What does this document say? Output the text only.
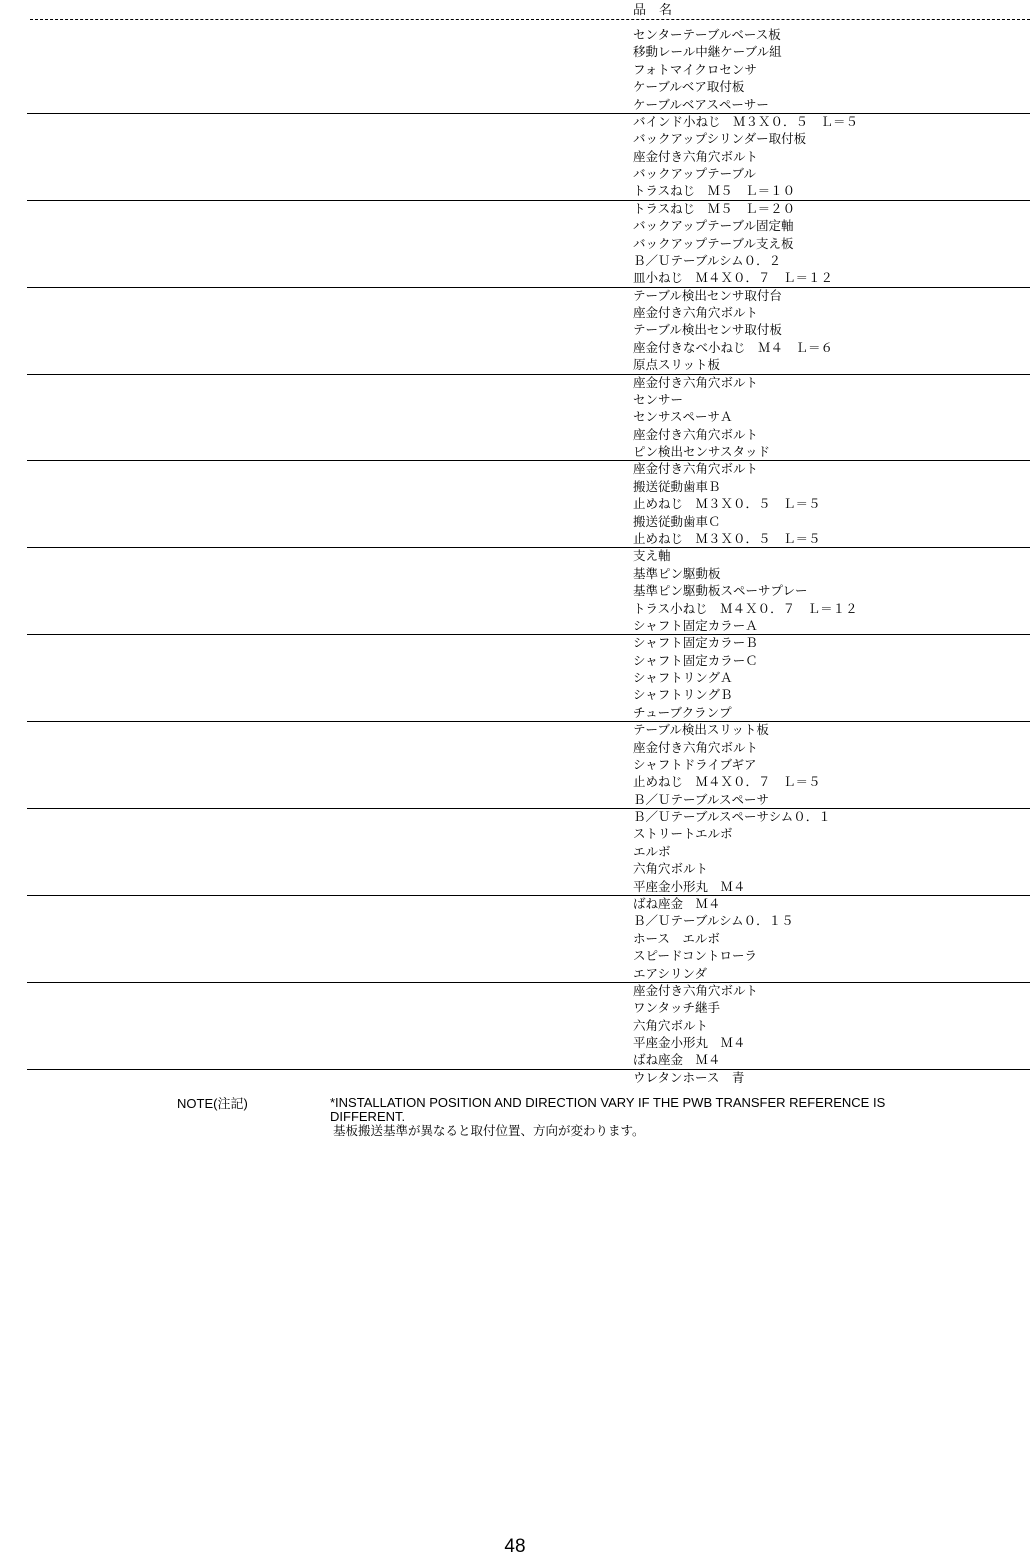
品　名
センターテーブルベース板
移動レール中継ケーブル組
フォトマイクロセンサ
ケーブルベア取付板
ケーブルベアスペーサー
バインド小ねじ　Ｍ３Ｘ０．５　Ｌ＝５
バックアップシリンダー取付板
座金付き六角穴ボルト
バックアップテーブル
トラスねじ　Ｍ５　Ｌ＝１０
トラスねじ　Ｍ５　Ｌ＝２０
バックアップテーブル固定軸
バックアップテーブル支え板
Ｂ／Ｕテーブルシム０．２
皿小ねじ　Ｍ４Ｘ０．７　Ｌ＝１２
テーブル検出センサ取付台
座金付き六角穴ボルト
テーブル検出センサ取付板
座金付きなべ小ねじ　Ｍ４　Ｌ＝６
原点スリット板
座金付き六角穴ボルト
センサー
センサスペーサＡ
座金付き六角穴ボルト
ピン検出センサスタッド
座金付き六角穴ボルト
搬送従動歯車Ｂ
止めねじ　Ｍ３Ｘ０．５　Ｌ＝５
搬送従動歯車Ｃ
止めねじ　Ｍ３Ｘ０．５　Ｌ＝５
支え軸
基準ピン駆動板
基準ピン駆動板スペーサプレー
トラス小ねじ　Ｍ４Ｘ０．７　Ｌ＝１２
シャフト固定カラーＡ
シャフト固定カラーＢ
シャフト固定カラーＣ
シャフトリングＡ
シャフトリングＢ
チューブクランプ
テーブル検出スリット板
座金付き六角穴ボルト
シャフトドライブギア
止めねじ　Ｍ４Ｘ０．７　Ｌ＝５
Ｂ／Ｕテーブルスペーサ
Ｂ／Ｕテーブルスペーサシム０．１
ストリートエルボ
エルボ
六角穴ボルト
平座金小形丸　Ｍ４
ばね座金　Ｍ４
Ｂ／Ｕテーブルシム０．１５
ホース　エルボ
スピードコントローラ
エアシリンダ
座金付き六角穴ボルト
ワンタッチ継手
六角穴ボルト
平座金小形丸　Ｍ４
ばね座金　Ｍ４
ウレタンホース　青
NOTE(注記)	*INSTALLATION POSITION AND DIRECTION VARY IF THE PWB TRANSFER REFERENCE IS DIFFERENT.
基板搬送基準が異なると取付位置、方向が変わります。
48
